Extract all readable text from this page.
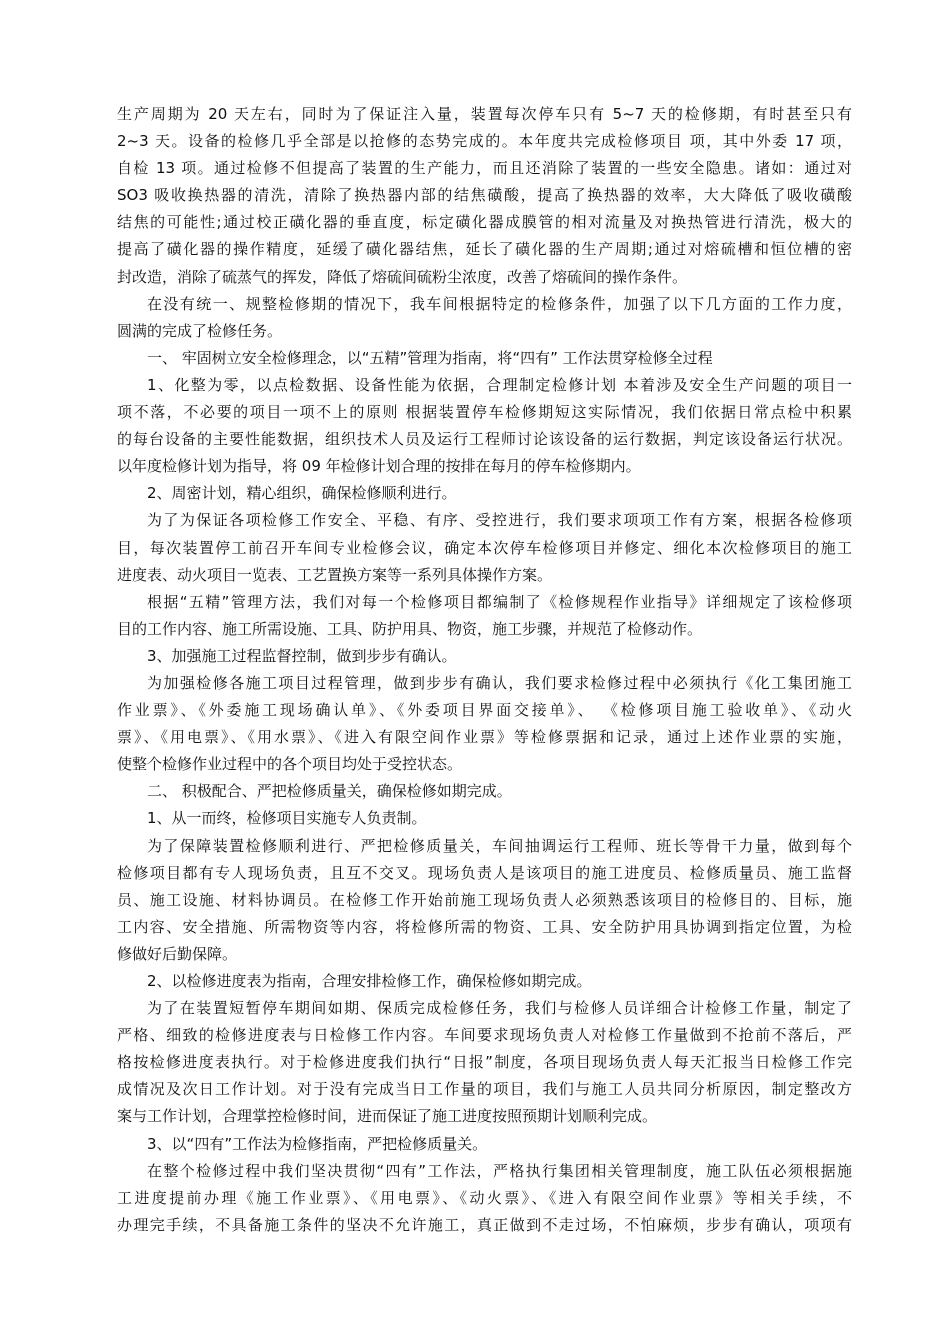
生产周期为 20 天左右，同时为了保证注入量，装置每次停车只有 5~7 天的检修期，有时甚至只有
2~3 天。设备的检修几乎全部是以抢修的态势完成的。本年度共完成检修项目 项，其中外委 17 项，
自检 13 项。通过检修不但提高了装置的生产能力，而且还消除了装置的一些安全隐患。诸如：通过对
SO3 吸收换热器的清洗，清除了换热器内部的结焦磺酸，提高了换热器的效率，大大降低了吸收磺酸
结焦的可能性;通过校正磺化器的垂直度，标定磺化器成膜管的相对流量及对换热管进行清洗，极大的
提高了磺化器的操作精度，延缓了磺化器结焦，延长了磺化器的生产周期;通过对熔硫槽和恒位槽的密
封改造，消除了硫蒸气的挥发，降低了熔硫间硫粉尘浓度，改善了熔硫间的操作条件。
在没有统一、规整检修期的情况下，我车间根据特定的检修条件，加强了以下几方面的工作力度，
圆满的完成了检修任务。
一、 牢固树立安全检修理念，以“五精”管理为指南，将“四有” 工作法贯穿检修全过程
1、化整为零，以点检数据、设备性能为依据，合理制定检修计划 本着涉及安全生产问题的项目一
项不落，不必要的项目一项不上的原则 根据装置停车检修期短这实际情况，我们依据日常点检中积累
的每台设备的主要性能数据，组织技术人员及运行工程师讨论该设备的运行数据，判定该设备运行状况。
以年度检修计划为指导，将 09 年检修计划合理的按排在每月的停车检修期内。
2、周密计划，精心组织，确保检修顺利进行。
为了为保证各项检修工作安全、平稳、有序、受控进行，我们要求项项工作有方案，根据各检修项
目，每次装置停工前召开车间专业检修会议，确定本次停车检修项目并修定、细化本次检修项目的施工
进度表、动火项目一览表、工艺置换方案等一系列具体操作方案。
根据“五精”管理方法，我们对每一个检修项目都编制了《检修规程作业指导》详细规定了该检修项
目的工作内容、施工所需设施、工具、防护用具、物资，施工步骤，并规范了检修动作。
3、加强施工过程监督控制，做到步步有确认。
为加强检修各施工项目过程管理，做到步步有确认，我们要求检修过程中必须执行《化工集团施工
作业票》、《外委施工现场确认单》、《外委项目界面交接单》、 《检修项目施工验收单》、《动火
票》、《用电票》、《用水票》、《进入有限空间作业票》等检修票据和记录，通过上述作业票的实施，
使整个检修作业过程中的各个项目均处于受控状态。
二、 积极配合、严把检修质量关，确保检修如期完成。
1、从一而终，检修项目实施专人负责制。
为了保障装置检修顺利进行、严把检修质量关，车间抽调运行工程师、班长等骨干力量，做到每个
检修项目都有专人现场负责，且互不交叉。现场负责人是该项目的施工进度员、检修质量员、施工监督
员、施工设施、材料协调员。在检修工作开始前施工现场负责人必须熟悉该项目的检修目的、目标，施
工内容、安全措施、所需物资等内容，将检修所需的物资、工具、安全防护用具协调到指定位置，为检
修做好后勤保障。
2、以检修进度表为指南，合理安排检修工作，确保检修如期完成。
为了在装置短暂停车期间如期、保质完成检修任务，我们与检修人员详细合计检修工作量，制定了
严格、细致的检修进度表与日检修工作内容。车间要求现场负责人对检修工作量做到不抢前不落后，严
格按检修进度表执行。对于检修进度我们执行“日报”制度，各项目现场负责人每天汇报当日检修工作完
成情况及次日工作计划。对于没有完成当日工作量的项目，我们与施工人员共同分析原因，制定整改方
案与工作计划，合理掌控检修时间，进而保证了施工进度按照预期计划顺利完成。
3、以“四有”工作法为检修指南，严把检修质量关。
在整个检修过程中我们坚决贯彻“四有”工作法，严格执行集团相关管理制度，施工队伍必须根据施
工进度提前办理《施工作业票》、《用电票》、《动火票》、《进入有限空间作业票》等相关手续，不
办理完手续，不具备施工条件的坚决不允许施工，真正做到不走过场，不怕麻烦，步步有确认，项项有
